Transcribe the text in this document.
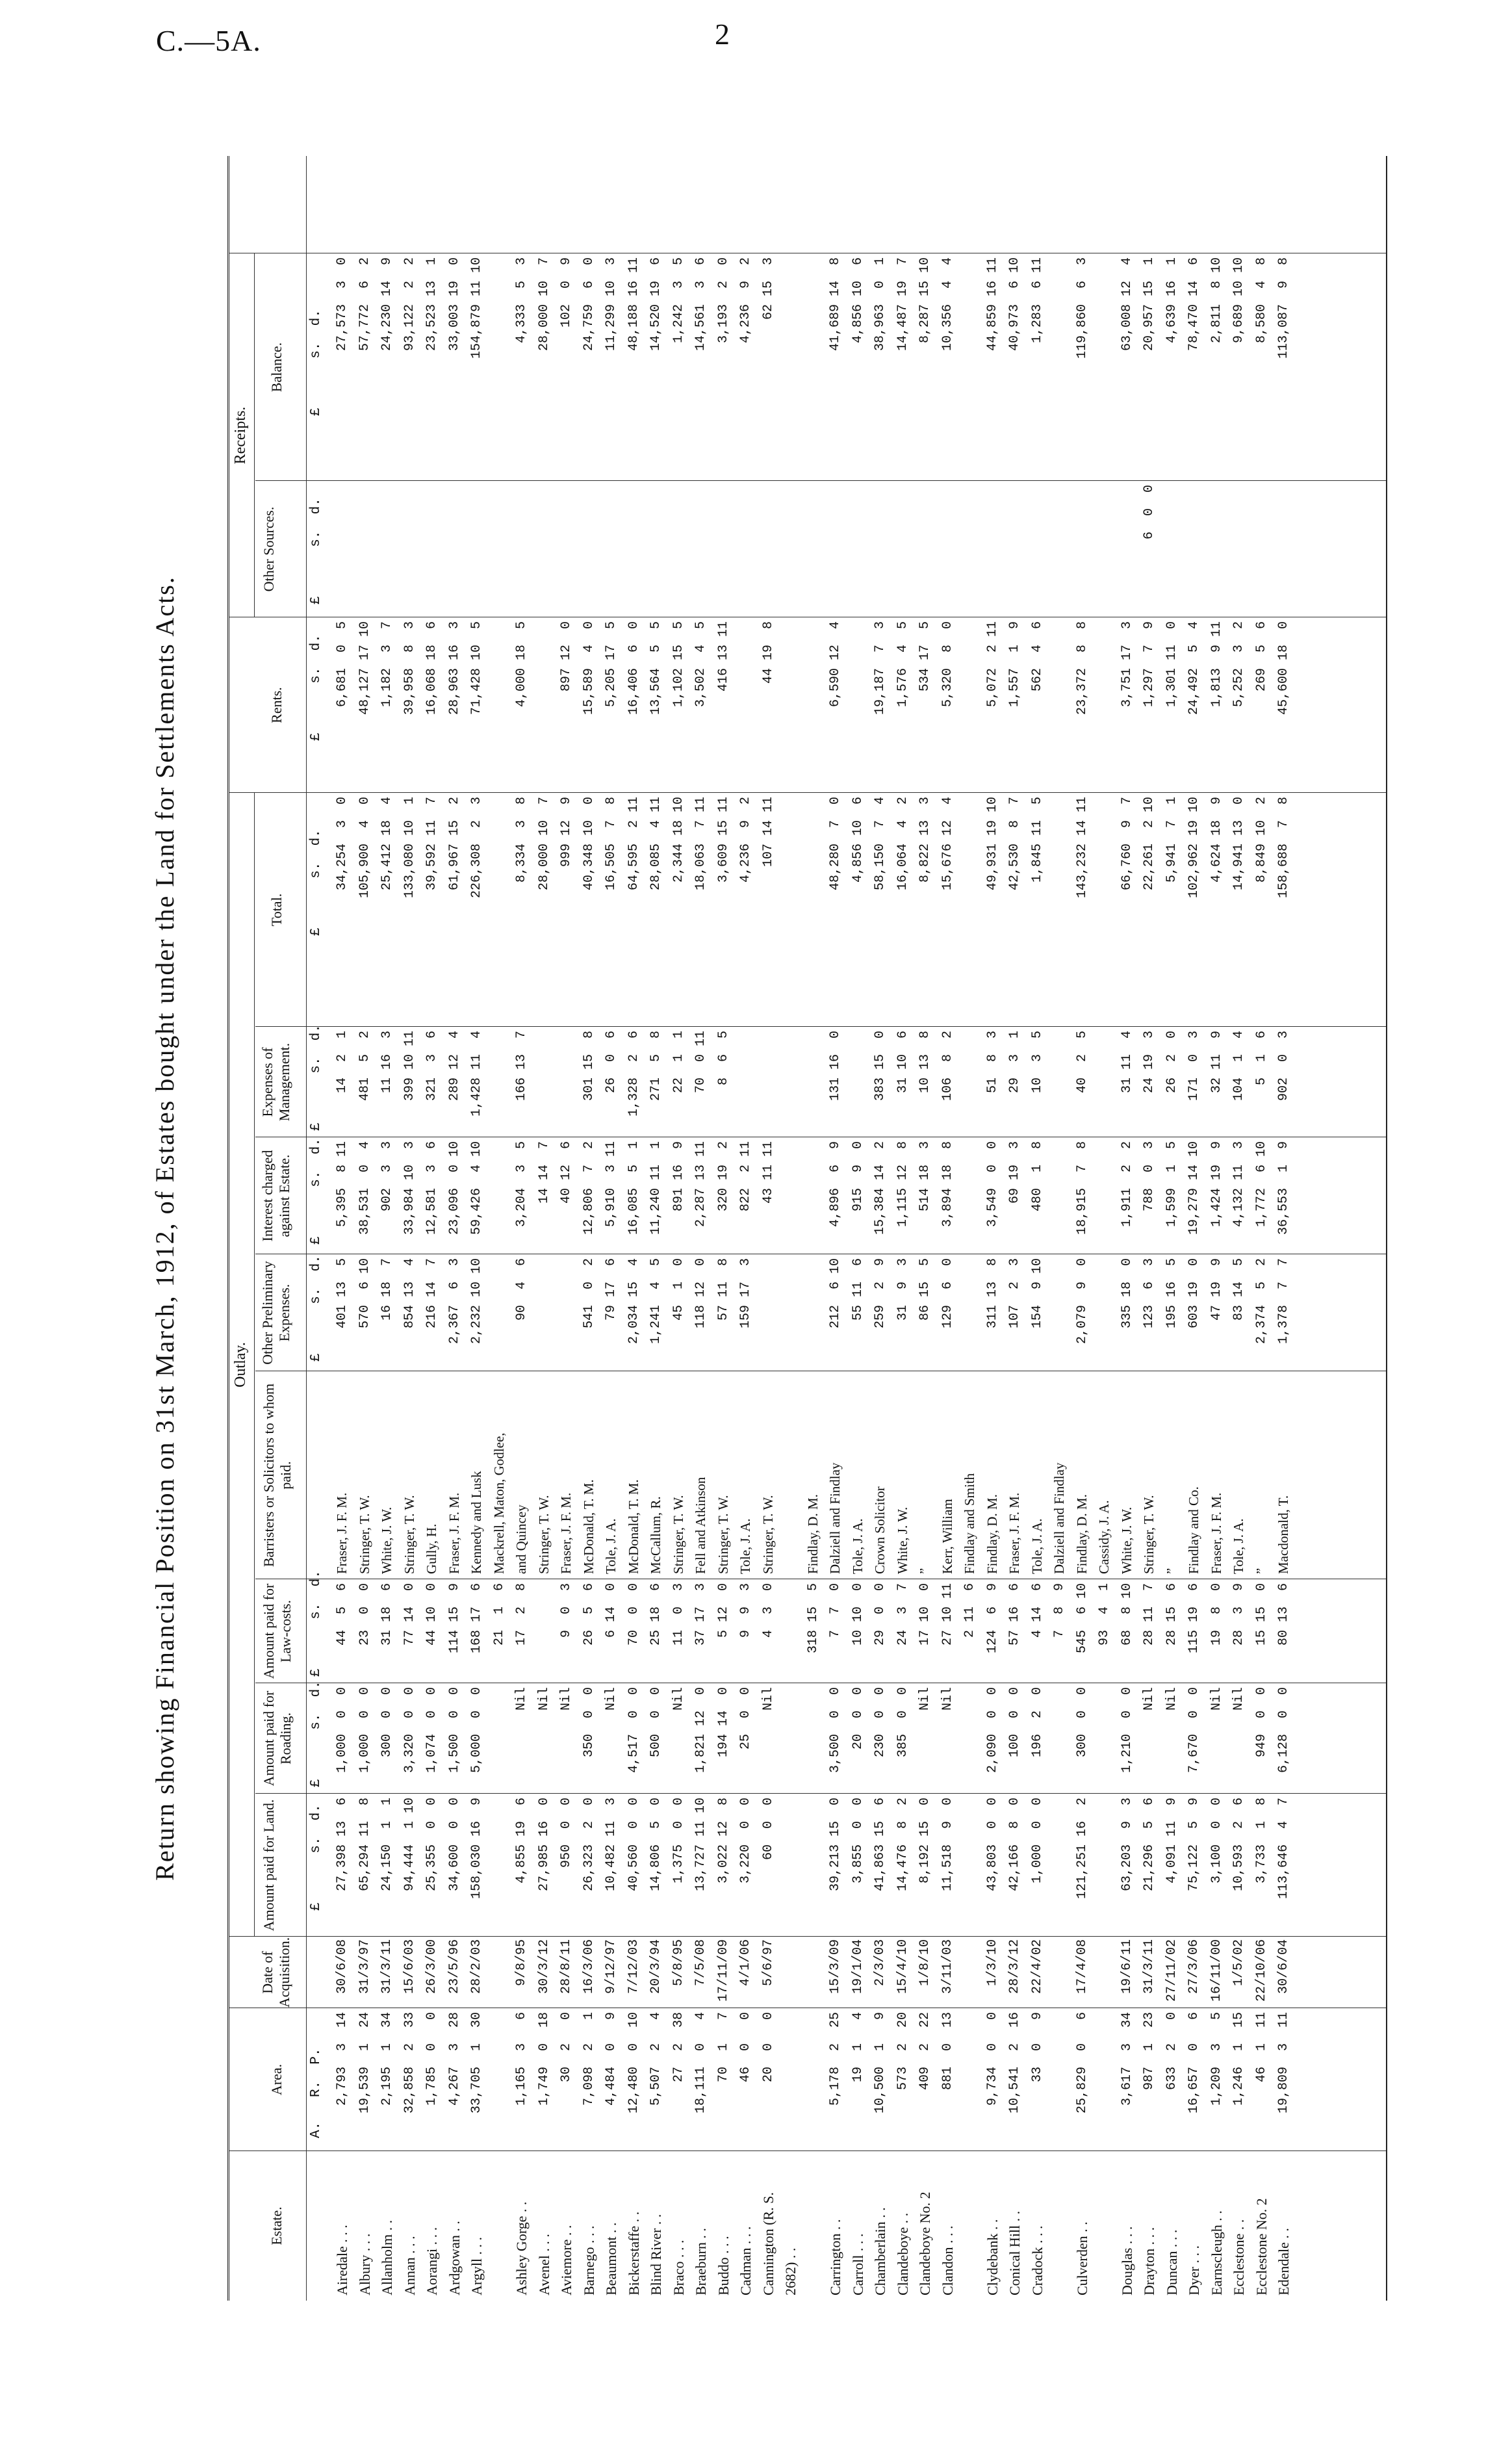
C.—5A.	2
Return showing Financial Position on 31st March, 1912, of Estates bought under the Land for Settlements Acts.	Outlay.
Receipts.
Estate.
Area.
Date of Acquisition.
Amount paid for Land.
Amount paid for Roading.
Amount paid for Law-costs.
Barristers or Solicitors to whom paid.
Other Preliminary Expenses.
Interest charged against Estate.
Expenses of Management.
Total.
Rents.
Other Sources.
Balance.
A.   R.  P.
£      s.  d.
£      s.  d.
£      s.  d.
£      s.  d.
£      s.  d.
£      s.  d.
£      s.  d.
£      s.  d.
£      s.  d.
£      s.  d.
Airedale . . .
2,793  3  14
30/6/08
27,398 13  6
1,000  0  0
44  5  6
Fraser, J. F. M.
401 13  5
5,395  8 11
14  2  1
34,254  3  0
6,681  0  5
27,573  3  0
Albury . . .
19,539  1  24
31/3/97
65,294 11  8
1,000  0  0
23  0  0
Stringer, T. W.
570  6 10
38,531  0  4
481  5  2
105,900  4  0
48,127 17 10
57,772  6  2
Allanholm . .
2,195  1  34
31/3/11
24,150  1  1
300  0  0
31 18  6
White, J. W.
16 18  7
902  3  3
11 16  3
25,412 18  4
1,182  3  7
24,230 14  9
Annan . . .
32,858  2  33
15/6/03
94,444  1 10
3,320  0  0
77 14  0
Stringer, T. W.
854 13  4
33,984 10  3
399 10 11
133,080 10  1
39,958  8  3
93,122  2  2
Aorangi . . .
1,785  0   0
26/3/00
25,355  0  0
1,074  0  0
44 10  0
Gully, H.
216 14  7
12,581  3  6
321  3  6
39,592 11  7
16,068 18  6
23,523 13  1
Ardgowan . .
4,267  3  28
23/5/96
34,600  0  0
1,500  0  0
114 15  9
Fraser, J. F. M.
2,367  6  3
23,096  0 10
289 12  4
61,967 15  2
28,963 16  3
33,003 19  0
Argyll . . .
33,705  1  30
28/2/03
158,030 16  9
5,000  0  0
168 17  6
Kennedy and Lusk
2,232 10 10
59,426  4 10
1,428 11  4
226,308  2  3
71,428 10  5
154,879 11 10
21  1  6
Mackrell, Maton, Godlee,
Ashley Gorge . .
1,165  3   6
9/8/95
4,855 19  6
Nil
17  2  8
and Quincey
90  4  6
3,204  3  5
166 13  7
8,334  3  8
4,000 18  5
4,333  5  3
Avenel . . .
1,749  0  18
30/3/12
27,985 16  0
Nil
Stringer, T. W.
14 14  7
28,000 10  7
28,000 10  7
Aviemore . .
30  2   0
28/8/11
950  0  0
Nil
9  0  3
Fraser, J. F. M.
40 12  6
999 12  9
897 12  0
102  0  9
Barnego . . .
7,098  2   1
16/3/06
26,323  2  0
350  0  0
26  5  6
McDonald, T. M.
541  0  2
12,806  7  2
301 15  8
40,348 10  0
15,589  4  0
24,759  6  0
Beaumont . .
4,484  0   9
9/12/97
10,482 11  3
Nil
6 14  0
Tole, J. A.
79 17  6
5,910  3 11
26  0  6
16,505  7  8
5,205 17  5
11,299 10  3
Bickerstaffe . .
12,480  0  10
7/12/03
40,560  0  0
4,517  0  0
70  0  0
McDonald, T. M.
2,034 15  4
16,085  5  1
1,328  2  6
64,595  2 11
16,406  6  0
48,188 16 11
Blind River . .
5,507  2   4
20/3/94
14,806  5  0
500  0  0
25 18  6
McCallum, R.
1,241  4  5
11,240 11  1
271  5  8
28,085  4 11
13,564  5  5
14,520 19  6
Braco . . .
27  2  38
5/8/95
1,375  0  0
Nil
11  0  3
Stringer, T. W.
45  1  0
891 16  9
22  1  1
2,344 18 10
1,102 15  5
1,242  3  5
Braeburn . .
18,111  0   4
7/5/08
13,727 11 10
1,821 12  0
37 17  3
Fell and Atkinson
118 12  0
2,287 13 11
70  0 11
18,063  7 11
3,502  4  5
14,561  3  6
Buddo . . .
70  1   7
17/11/09
3,022 12  8
194 14  0
5 12  0
Stringer, T. W.
57 11  8
320 19  2
8  6  5
3,609 15 11
416 13 11
3,193  2  0
Cadman . . .
46  0   0
4/1/06
3,220  0  0
25  0  0
9  9  3
Tole, J. A.
159 17  3
822  2 11
4,236  9  2
4,236  9  2
Cannington (R. S.
20  0   0
5/6/97
60  0  0
Nil
4  3  0
Stringer, T. W.
43 11 11
107 14 11
44 19  8
62 15  3
2682) . .
318 15  5
Findlay, D. M.
Carrington . .
5,178  2  25
15/3/09
39,213 15  0
3,500  0  0
7  7  0
Dalziell and Findlay
212  6 10
4,896  6  9
131 16  0
48,280  7  0
6,590 12  4
41,689 14  8
Carroll . . .
19  1   4
19/1/04
3,855  0  0
20  0  0
10 10  0
Tole, J. A.
55 11  6
915  9  0
4,856 10  6
4,856 10  6
Chamberlain . .
10,500  1   9
2/3/03
41,863 15  6
230  0  0
29  0  0
Crown Solicitor
259  2  9
15,384 14  2
383 15  0
58,150  7  4
19,187  7  3
38,963  0  1
Clandeboye . .
573  2  20
15/4/10
14,476  8  2
385  0  0
24  3  7
White, J. W.
31  9  3
1,115 12  8
31 10  6
16,064  4  2
1,576  4  5
14,487 19  7
Clandeboye No. 2
409  2  22
1/8/10
8,192 15  0
Nil
17 10  0
”
86 15  5
514 18  3
10 13  8
8,822 13  3
534 17  5
8,287 15 10
Clandon . . .
881  0  13
3/11/03
11,518  9  0
Nil
27 10 11
Kerr, William
129  6  0
3,894 18  8
106  8  2
15,676 12  4
5,320  8  0
10,356  4  4
2 11  6
Findlay and Smith
Clydebank . .
9,734  0   0
1/3/10
43,803  0  0
2,090  0  0
124  6  9
Findlay, D. M.
311 13  8
3,549  0  0
51  8  3
49,931 19 10
5,072  2 11
44,859 16 11
Conical Hill . .
10,541  2  16
28/3/12
42,166  8  0
100  0  0
57 16  6
Fraser, J. F. M.
107  2  3
69 19  3
29  3  1
42,530  8  7
1,557  1  9
40,973  6 10
Cradock . . .
33  0   9
22/4/02
1,000  0  0
196  2  0
4 14  6
Tole, J. A.
154  9 10
480  1  8
10  3  5
1,845 11  5
562  4  6
1,283  6 11
7  8  9
Dalziell and Findlay
Culverden . .
25,829  0   6
17/4/08
121,251 16  2
300  0  0
545  6 10
Findlay, D. M.
2,079  9  0
18,915  7  8
40  2  5
143,232 14 11
23,372  8  8
119,860  6  3
93  4  1
Cassidy, J. A.
Douglas . . .
3,617  3  34
19/6/11
63,203  9  3
1,210  0  0
68  8 10
White, J. W.
335 18  0
1,911  2  2
31 11  4
66,760  9  7
3,751 17  3
63,008 12  4
Drayton . . .
987  1  23
31/3/11
21,296  5  6
Nil
28 11  7
Stringer, T. W.
123  6  3
788  0  3
24 19  3
22,261  2 10
1,297  7  9
6  0  0
20,957 15  1
Duncan . . .
633  2   0
27/11/02
4,091 11  9
Nil
28 15  6
”
195 16  5
1,599  1  5
26  2  0
5,941  7  1
1,301 11  0
4,639 16  1
Dyer . . .
16,657  0   6
27/3/06
75,122  5  9
7,670  0  0
115 19  6
Findlay and Co.
603 19  0
19,279 14 10
171  0  3
102,962 19 10
24,492  5  4
78,470 14  6
Earnscleugh . .
1,209  3   5
16/11/00
3,100  0  0
Nil
19  8  0
Fraser, J. F. M.
47 19  9
1,424 19  9
32 11  9
4,624 18  9
1,813  9 11
2,811  8 10
Ecclestone . .
1,246  1  15
1/5/02
10,593  2  6
Nil
28  3  9
Tole, J. A.
83 14  5
4,132 11  3
104  1  4
14,941 13  0
5,252  3  2
9,689 10 10
Ecclestone No. 2
46  1  11
22/10/06
3,733  1  8
949  0  0
15 15  0
”
2,374  5  2
1,772  6 10
5  1  6
8,849 10  2
269  5  6
8,580  4  8
Edendale . .
19,809  3  11
30/6/04
113,646  4  7
6,128  0  0
80 13  6
Macdonald, T.
1,378  7  7
36,553  1  9
902  0  3
158,688  7  8
45,600 18  0
113,087  9  8
